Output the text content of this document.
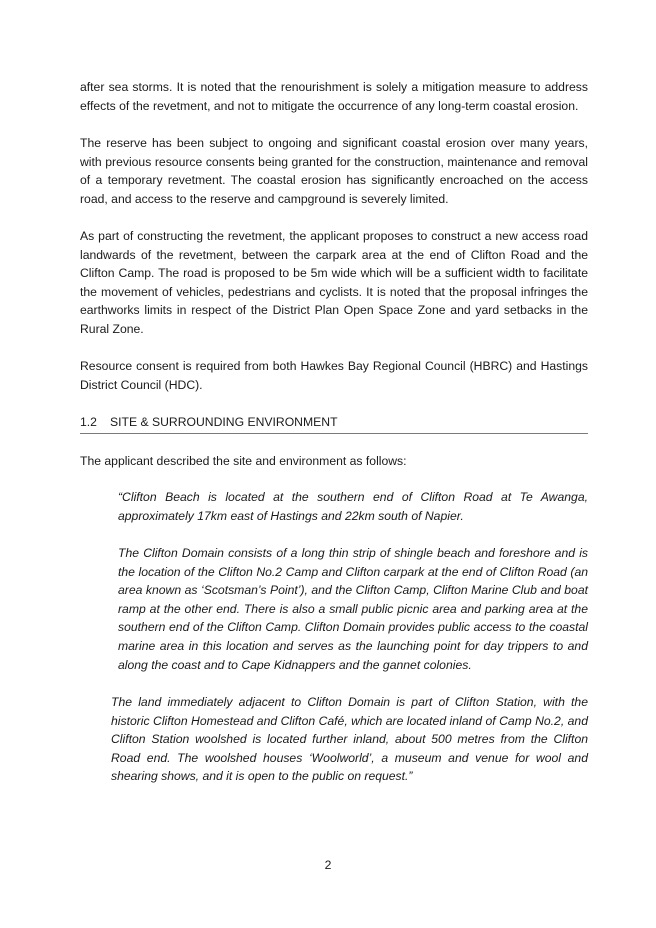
after sea storms. It is noted that the renourishment is solely a mitigation measure to address effects of the revetment, and not to mitigate the occurrence of any long-term coastal erosion.

The reserve has been subject to ongoing and significant coastal erosion over many years, with previous resource consents being granted for the construction, maintenance and removal of a temporary revetment. The coastal erosion has significantly encroached on the access road, and access to the reserve and campground is severely limited.

As part of constructing the revetment, the applicant proposes to construct a new access road landwards of the revetment, between the carpark area at the end of Clifton Road and the Clifton Camp. The road is proposed to be 5m wide which will be a sufficient width to facilitate the movement of vehicles, pedestrians and cyclists. It is noted that the proposal infringes the earthworks limits in respect of the District Plan Open Space Zone and yard setbacks in the Rural Zone.

Resource consent is required from both Hawkes Bay Regional Council (HBRC) and Hastings District Council (HDC).

1.2 SITE & SURROUNDING ENVIRONMENT

The applicant described the site and environment as follows:

“Clifton Beach is located at the southern end of Clifton Road at Te Awanga, approximately 17km east of Hastings and 22km south of Napier.

The Clifton Domain consists of a long thin strip of shingle beach and foreshore and is the location of the Clifton No.2 Camp and Clifton carpark at the end of Clifton Road (an area known as ‘Scotsman’s Point’), and the Clifton Camp, Clifton Marine Club and boat ramp at the other end. There is also a small public picnic area and parking area at the southern end of the Clifton Camp. Clifton Domain provides public access to the coastal marine area in this location and serves as the launching point for day trippers to and along the coast and to Cape Kidnappers and the gannet colonies.

The land immediately adjacent to Clifton Domain is part of Clifton Station, with the historic Clifton Homestead and Clifton Café, which are located inland of Camp No.2, and Clifton Station woolshed is located further inland, about 500 metres from the Clifton Road end. The woolshed houses ‘Woolworld’, a museum and venue for wool and shearing shows, and it is open to the public on request.”

2
